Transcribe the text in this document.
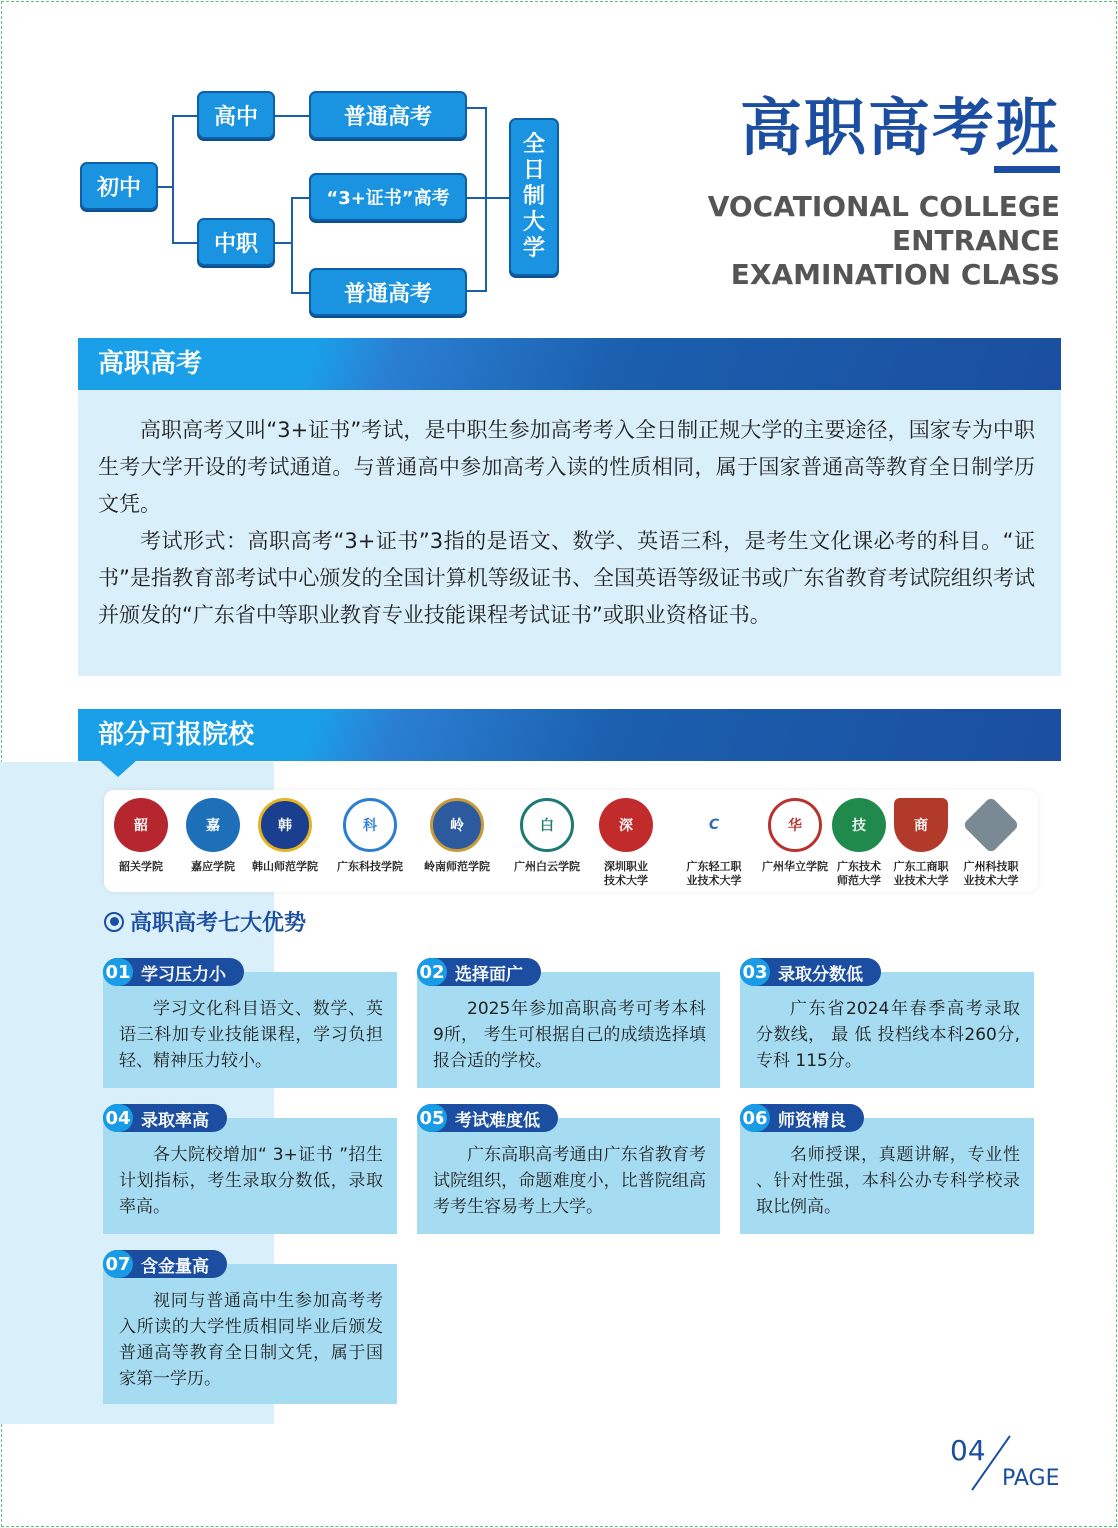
初中
高中
中职
普通高考
“3+证书”高考
普通高考
全
日
制
大
学
高职高考班
VOCATIONAL COLLEGE ENTRANCE
EXAMINATION CLASS
高职高考

高职高考又叫“3+证书”考试，是中职生参加高考考入全日制正规大学的主要途径，国家专为中职生考大学开设的考试通道。与普通高中参加高考入读的性质相同，属于国家普通高等教育全日制学历文凭。

考试形式：高职高考“3+证书”3指的是语文、数学、英语三科，是考生文化课必考的科目。“证书”是指教育部考试中心颁发的全国计算机等级证书、全国英语等级证书或广东省教育考试院组织考试并颁发的“广东省中等职业教育专业技能课程考试证书”或职业资格证书。

部分可报院校
韶
韶关学院
嘉
嘉应学院
韩
韩山师范学院
科
广东科技学院
岭
岭南师范学院
白
广州白云学院
深
深圳职业
技术大学
C
广东轻工职
业技术大学
华
广州华立学院
技
广东技术
师范大学
商
广东工商职
业技术大学
广州科技职
业技术大学
高职高考七大优势
01 学习压力小
学习文化科目语文、数学、英语三科加专业技能课程，学习负担轻、精神压力较小。
02 选择面广
2025年参加高职高考可考本科9所， 考生可根据自己的成绩选择填报合适的学校。
03 录取分数低
广东省2024年春季高考录取分数线， 最 低 投档线本科260分,专科 115分。
04 录取率高
各大院校增加“ 3+证书 ”招生计划指标，考生录取分数低，录取率高。
05 考试难度低
广东高职高考通由广东省教育考试院组织，命题难度小，比普院组高考考生容易考上大学。
06 师资精良
名师授课，真题讲解，专业性 、针对性强，本科公办专科学校录取比例高。
07 含金量高
视同与普通高中生参加高考考入所读的大学性质相同毕业后颁发普通高等教育全日制文凭，属于国家第一学历。
04
PAGE
